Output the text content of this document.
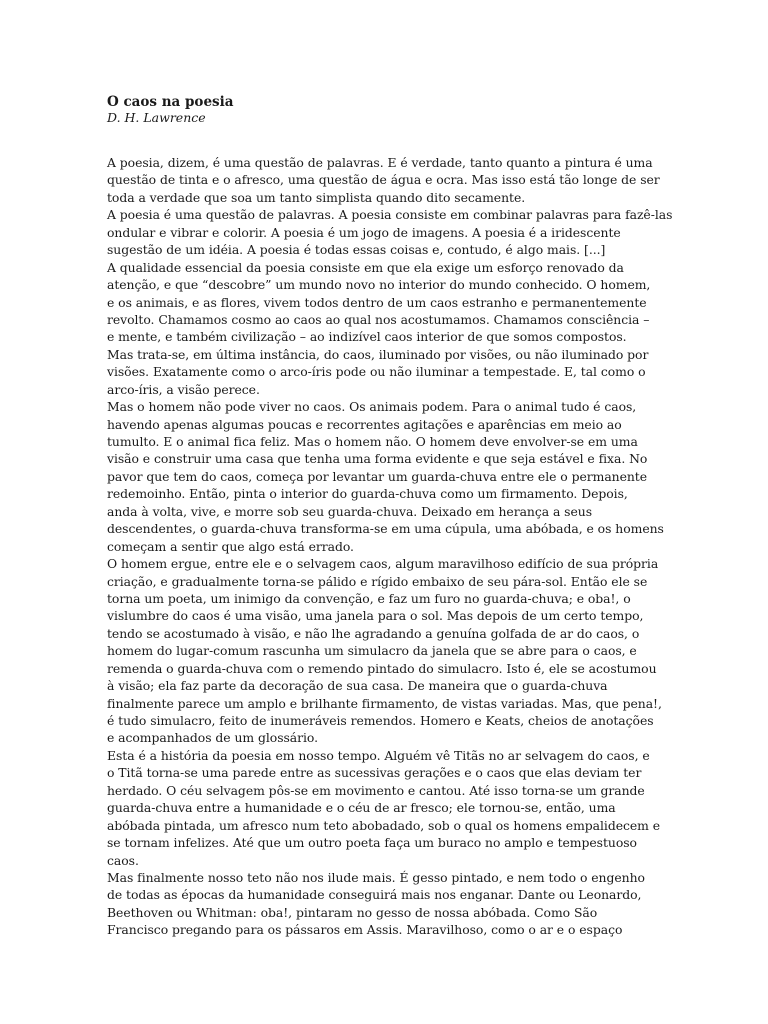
O caos na poesia
D. H. Lawrence
A poesia, dizem, é uma questão de palavras. E é verdade, tanto quanto a pintura é uma
questão de tinta e o afresco, uma questão de água e ocra. Mas isso está tão longe de ser
toda a verdade que soa um tanto simplista quando dito secamente.
A poesia é uma questão de palavras. A poesia consiste em combinar palavras para fazê-las
ondular e vibrar e colorir. A poesia é um jogo de imagens. A poesia é a iridescente
sugestão de um idéia. A poesia é todas essas coisas e, contudo, é algo mais. [...]
A qualidade essencial da poesia consiste em que ela exige um esforço renovado da
atenção, e que “descobre” um mundo novo no interior do mundo conhecido. O homem,
e os animais, e as flores, vivem todos dentro de um caos estranho e permanentemente
revolto. Chamamos cosmo ao caos ao qual nos acostumamos. Chamamos consciência –
e mente, e também civilização – ao indizível caos interior de que somos compostos.
Mas trata-se, em última instância, do caos, iluminado por visões, ou não iluminado por
visões. Exatamente como o arco-íris pode ou não iluminar a tempestade. E, tal como o
arco-íris, a visão perece.
Mas o homem não pode viver no caos. Os animais podem. Para o animal tudo é caos,
havendo apenas algumas poucas e recorrentes agitações e aparências em meio ao
tumulto. E o animal fica feliz. Mas o homem não. O homem deve envolver-se em uma
visão e construir uma casa que tenha uma forma evidente e que seja estável e fixa. No
pavor que tem do caos, começa por levantar um guarda-chuva entre ele o permanente
redemoinho. Então, pinta o interior do guarda-chuva como um firmamento. Depois,
anda à volta, vive, e morre sob seu guarda-chuva. Deixado em herança a seus
descendentes, o guarda-chuva transforma-se em uma cúpula, uma abóbada, e os homens
começam a sentir que algo está errado.
O homem ergue, entre ele e o selvagem caos, algum maravilhoso edifício de sua própria
criação, e gradualmente torna-se pálido e rígido embaixo de seu pára-sol. Então ele se
torna um poeta, um inimigo da convenção, e faz um furo no guarda-chuva; e oba!, o
vislumbre do caos é uma visão, uma janela para o sol. Mas depois de um certo tempo,
tendo se acostumado à visão, e não lhe agradando a genuína golfada de ar do caos, o
homem do lugar-comum rascunha um simulacro da janela que se abre para o caos, e
remenda o guarda-chuva com o remendo pintado do simulacro. Isto é, ele se acostumou
à visão; ela faz parte da decoração de sua casa. De maneira que o guarda-chuva
finalmente parece um amplo e brilhante firmamento, de vistas variadas. Mas, que pena!,
é tudo simulacro, feito de inumeráveis remendos. Homero e Keats, cheios de anotações
e acompanhados de um glossário.
Esta é a história da poesia em nosso tempo. Alguém vê Titãs no ar selvagem do caos, e
o Titã torna-se uma parede entre as sucessivas gerações e o caos que elas deviam ter
herdado. O céu selvagem pôs-se em movimento e cantou. Até isso torna-se um grande
guarda-chuva entre a humanidade e o céu de ar fresco; ele tornou-se, então, uma
abóbada pintada, um afresco num teto abobadado, sob o qual os homens empalidecem e
se tornam infelizes. Até que um outro poeta faça um buraco no amplo e tempestuoso
caos.
Mas finalmente nosso teto não nos ilude mais. É gesso pintado, e nem todo o engenho
de todas as épocas da humanidade conseguirá mais nos enganar. Dante ou Leonardo,
Beethoven ou Whitman: oba!, pintaram no gesso de nossa abóbada. Como São
Francisco pregando para os pássaros em Assis. Maravilhoso, como o ar e o espaço
